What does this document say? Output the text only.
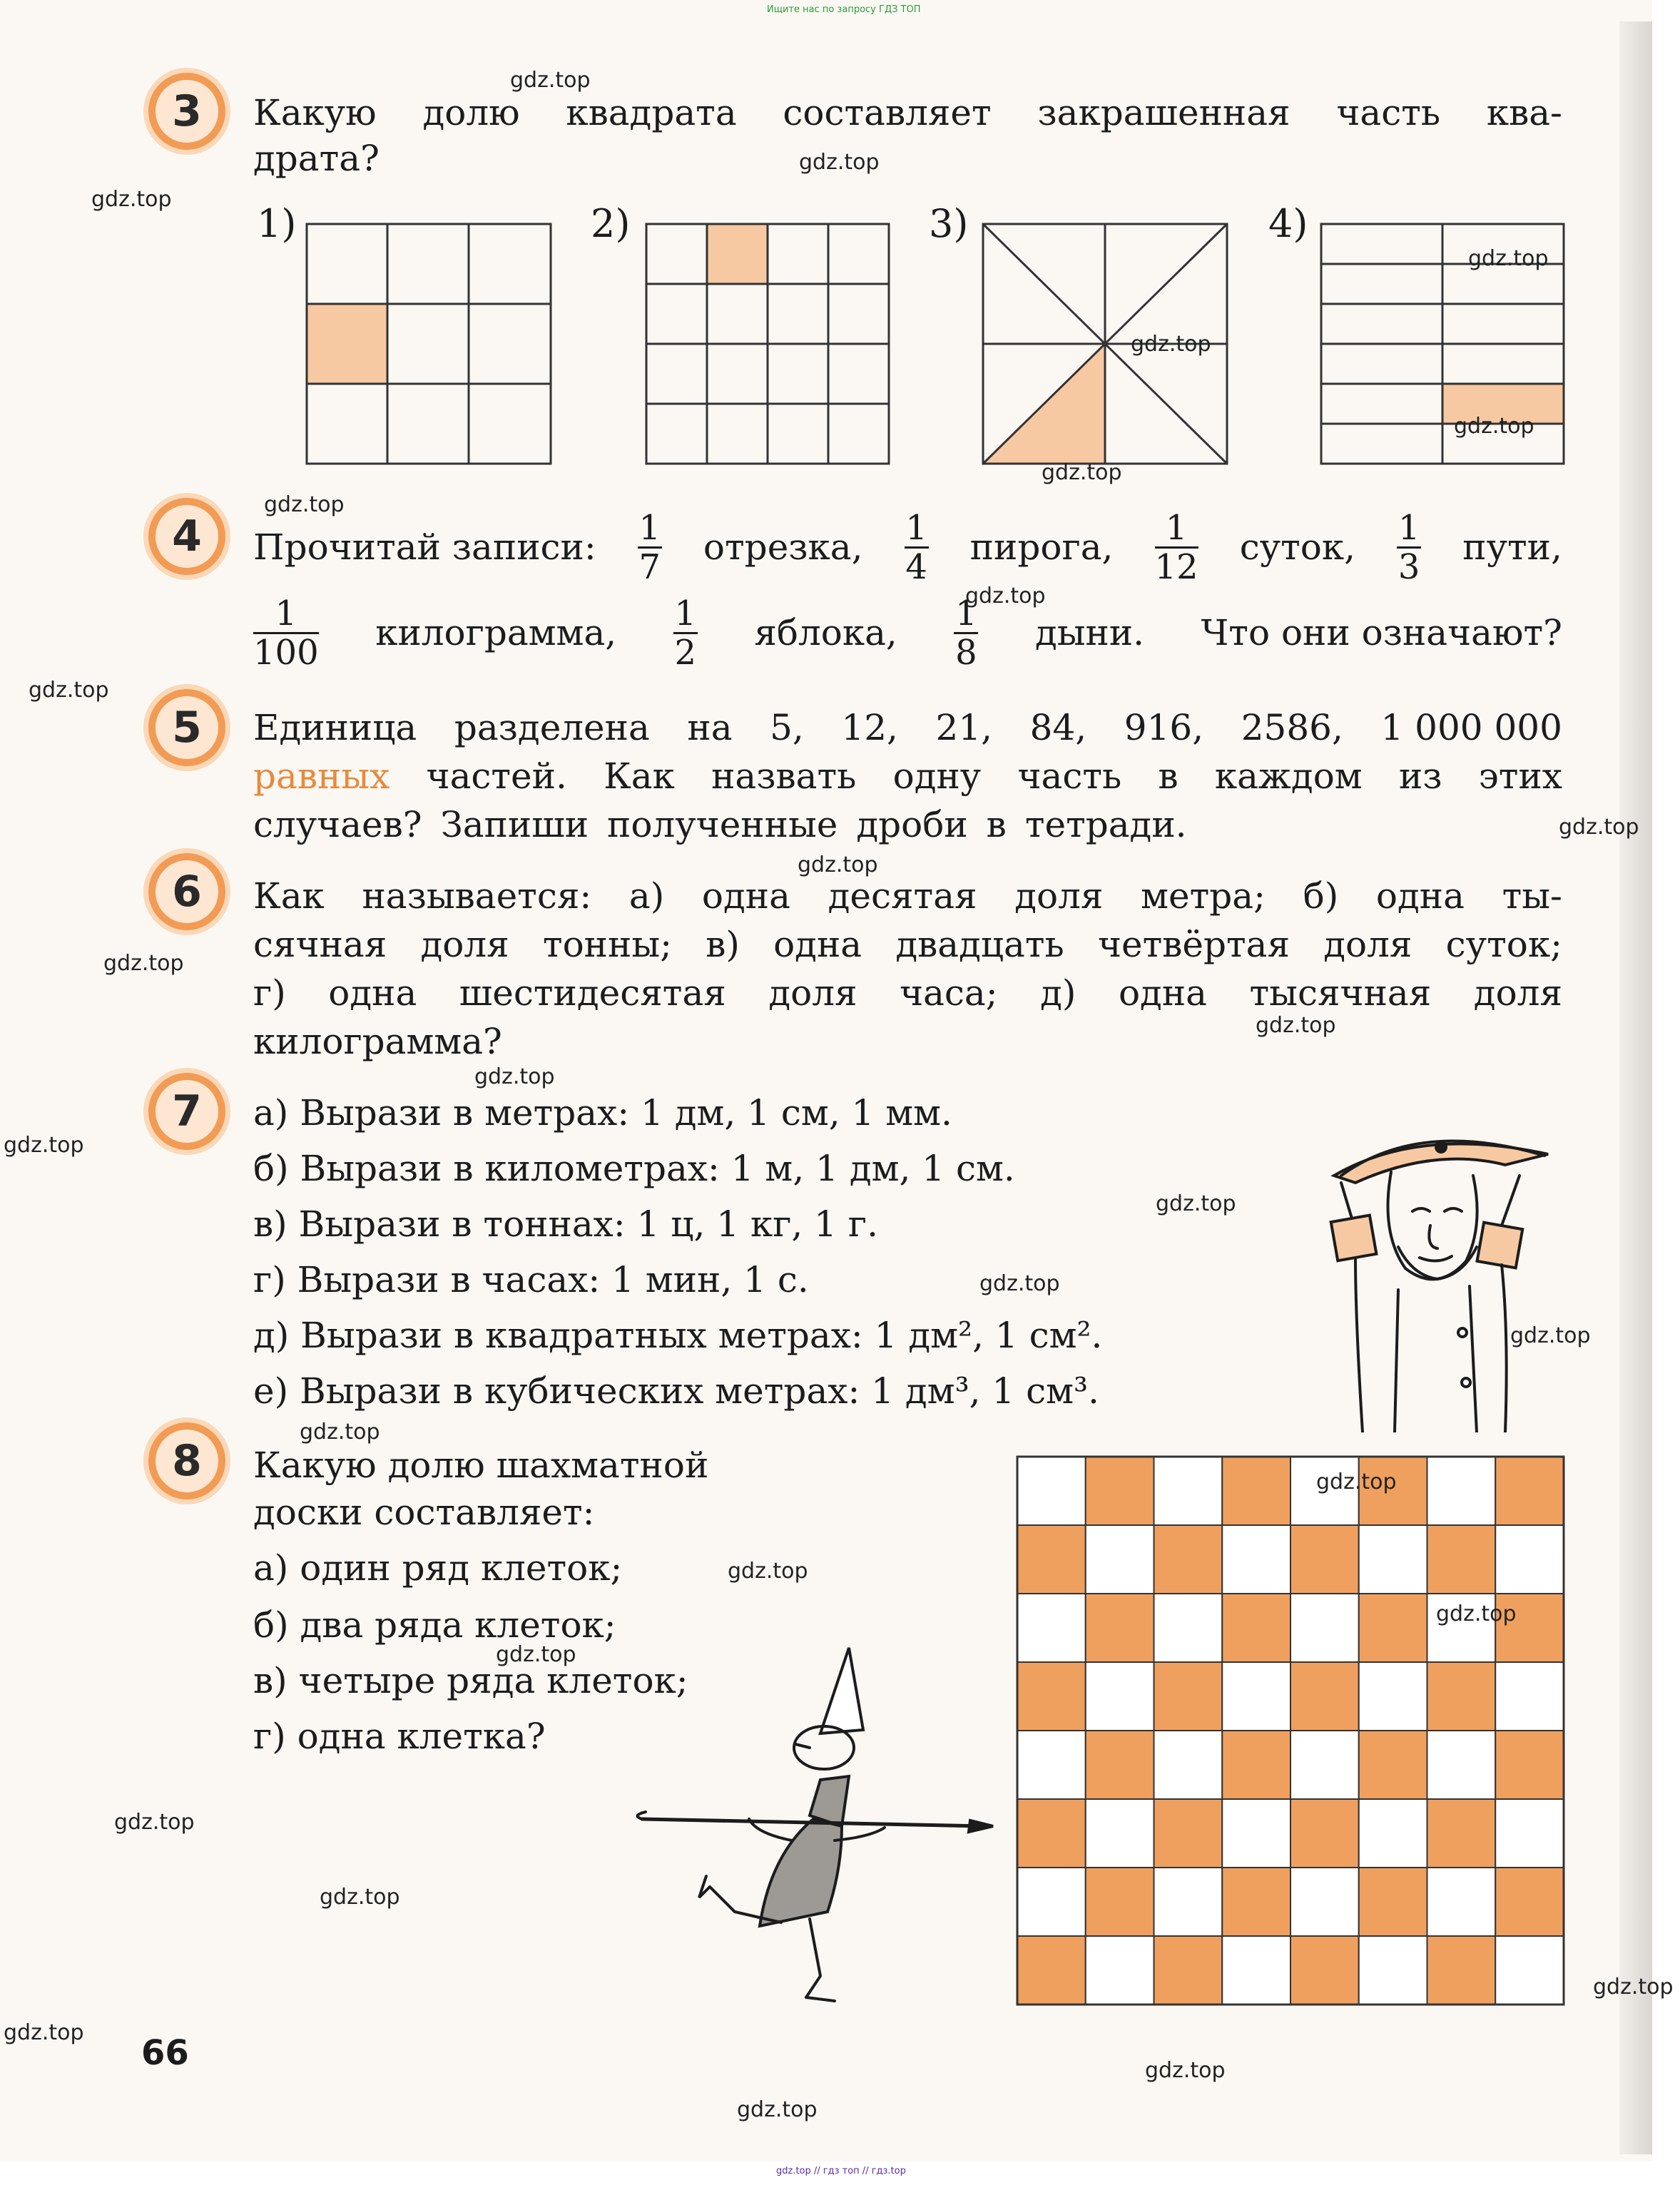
Ищите нас по запросу ГДЗ ТОП
3	Какую долю квадрата составляет закрашенная часть ква-
драта?
1)	2)	3)	4)
4	Прочитай записи: $\frac{1}{7}$ отрезка, $\frac{1}{4}$ пирога, $\frac{1}{12}$ суток, $\frac{1}{3}$ пути,
$\frac{1}{100}$ килограмма, $\frac{1}{2}$ яблока, $\frac{1}{8}$ дыни. Что они означают?
5	Единица разделена на 5, 12, 21, 84, 916, 2586, 1 000 000
равных частей. Как назвать одну часть в каждом из этих
случаев? Запиши полученные дроби в тетради.
6	Как называется: а) одна десятая доля метра; б) одна ты-
сячная доля тонны; в) одна двадцать четвёртая доля суток;
г) одна шестидесятая доля часа; д) одна тысячная доля
килограмма?
7	а) Вырази в метрах: 1 дм, 1 см, 1 мм.
б) Вырази в километрах: 1 м, 1 дм, 1 см.
в) Вырази в тоннах: 1 ц, 1 кг, 1 г.
г) Вырази в часах: 1 мин, 1 с.
д) Вырази в квадратных метрах: 1 дм², 1 см².
е) Вырази в кубических метрах: 1 дм³, 1 см³.
8	Какую долю шахматной
доски составляет:
а) один ряд клеток;
б) два ряда клеток;
в) четыре ряда клеток;
г) одна клетка?
66
gdz.top
gdz.top
gdz.top
gdz.top
gdz.top
gdz.top
gdz.top
gdz.top
gdz.top
gdz.top
gdz.top
gdz.top
gdz.top
gdz.top
gdz.top
gdz.top
gdz.top
gdz.top
gdz.top
gdz.top
gdz.top
gdz.top
gdz.top
gdz.top
gdz.top
gdz.top
gdz.top
gdz.top
gdz.top
gdz.top
gdz.top // гдз топ // гдз.top
